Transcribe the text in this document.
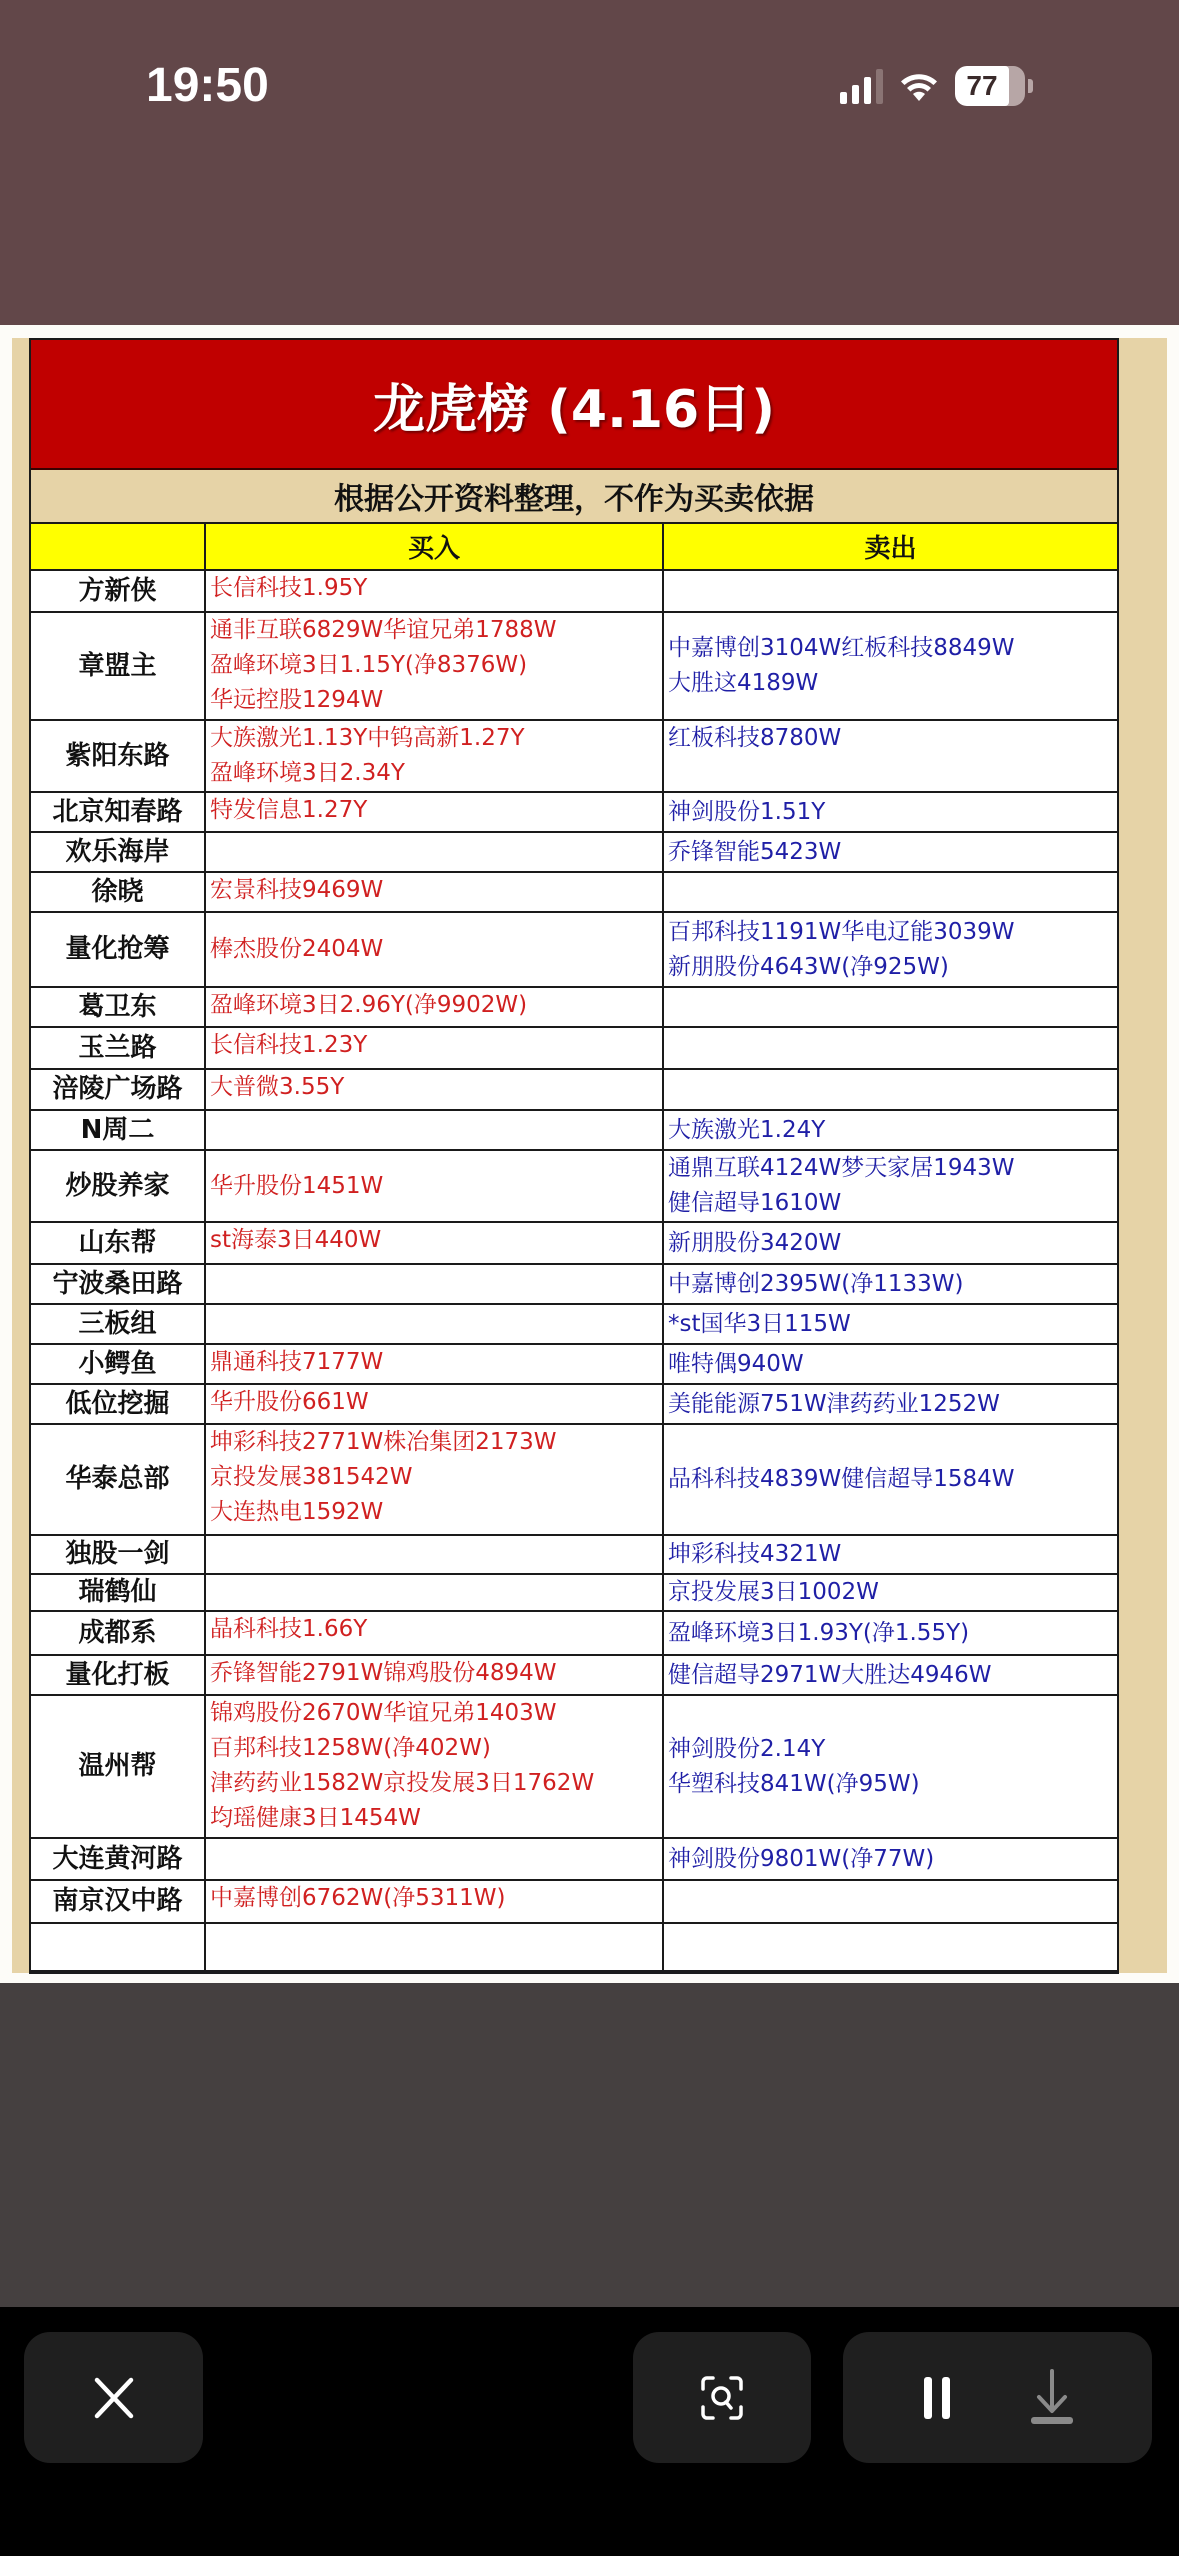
19:50	77
龙虎榜 (4.16日)
根据公开资料整理，不作为买卖依据
	买入	卖出
方新侠	长信科技1.95Y	

章盟主	通非互联6829W华谊兄弟1788W
盈峰环境3日1.15Y(净8376W)
华远控股1294W	中嘉博创3104W红板科技8849W
大胜这4189W

紫阳东路	大族激光1.13Y中钨高新1.27Y
盈峰环境3日2.34Y	红板科技8780W

北京知春路	特发信息1.27Y	神剑股份1.51Y

欢乐海岸		乔锋智能5423W

徐晓	宏景科技9469W	

量化抢筹	棒杰股份2404W	百邦科技1191W华电辽能3039W
新朋股份4643W(净925W)

葛卫东	盈峰环境3日2.96Y(净9902W)	

玉兰路	长信科技1.23Y	

涪陵广场路	大普微3.55Y	

N周二		大族激光1.24Y

炒股养家	华升股份1451W	通鼎互联4124W梦天家居1943W
健信超导1610W

山东帮	st海泰3日440W	新朋股份3420W

宁波桑田路		中嘉博创2395W(净1133W)

三板组		*st国华3日115W

小鳄鱼	鼎通科技7177W	唯特偶940W

低位挖掘	华升股份661W	美能能源751W津药药业1252W

华泰总部	坤彩科技2771W株冶集团2173W
京投发展381542W
大连热电1592W	品科科技4839W健信超导1584W

独股一剑		坤彩科技4321W

瑞鹤仙		京投发展3日1002W

成都系	晶科科技1.66Y	盈峰环境3日1.93Y(净1.55Y)

量化打板	乔锋智能2791W锦鸡股份4894W	健信超导2971W大胜达4946W

温州帮	锦鸡股份2670W华谊兄弟1403W
百邦科技1258W(净402W)
津药药业1582W京投发展3日1762W
均瑶健康3日1454W	神剑股份2.14Y
华塑科技841W(净95W)

大连黄河路		神剑股份9801W(净77W)

南京汉中路	中嘉博创6762W(净5311W)	
